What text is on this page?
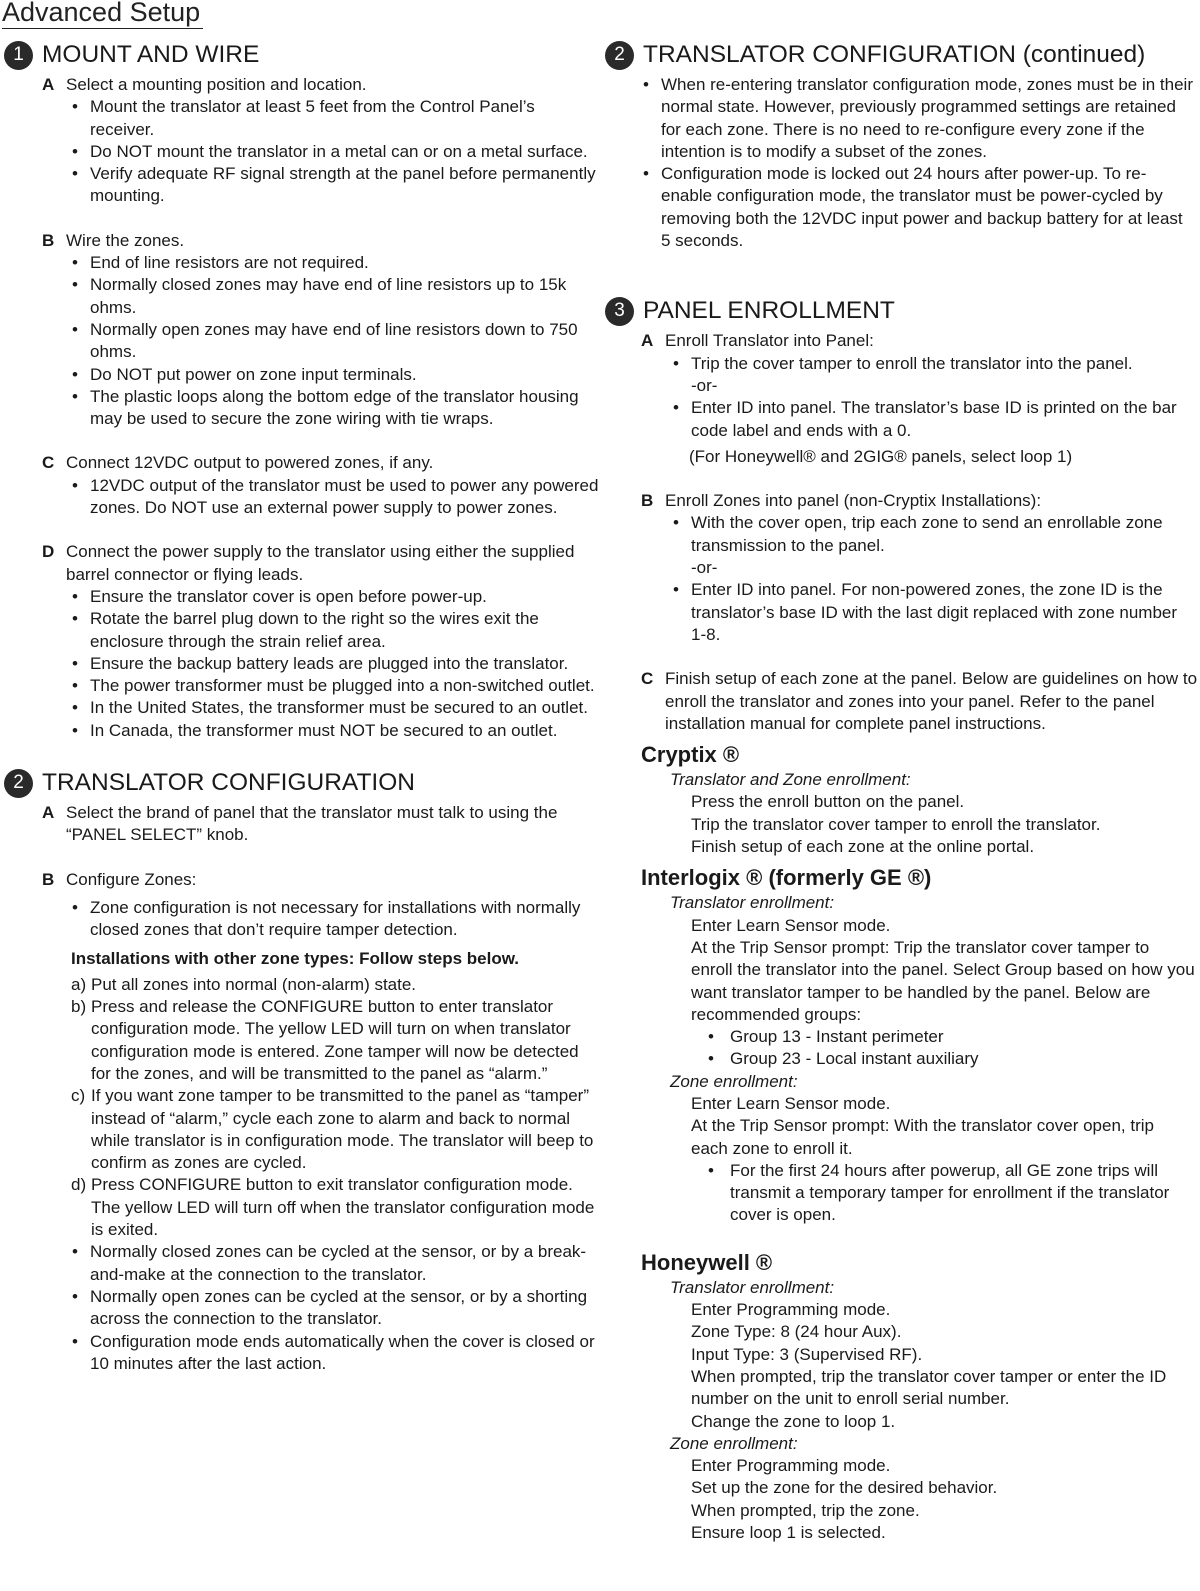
Advanced Setup
1 MOUNT AND WIRE
A Select a mounting position and location.
• Mount the translator at least 5 feet from the Control Panel’s receiver.
• Do NOT mount the translator in a metal can or on a metal surface.
• Verify adequate RF signal strength at the panel before permanently mounting.
B Wire the zones.
• End of line resistors are not required.
• Normally closed zones may have end of line resistors up to 15k ohms.
• Normally open zones may have end of line resistors down to 750 ohms.
• Do NOT put power on zone input terminals.
• The plastic loops along the bottom edge of the translator housing may be used to secure the zone wiring with tie wraps.
C Connect 12VDC output to powered zones, if any.
• 12VDC output of the translator must be used to power any powered zones. Do NOT use an external power supply to power zones.
D Connect the power supply to the translator using either the supplied barrel connector or flying leads.
• Ensure the translator cover is open before power-up.
• Rotate the barrel plug down to the right so the wires exit the enclosure through the strain relief area.
• Ensure the backup battery leads are plugged into the translator.
• The power transformer must be plugged into a non-switched outlet.
• In the United States, the transformer must be secured to an outlet.
• In Canada, the transformer must NOT be secured to an outlet.
2 TRANSLATOR CONFIGURATION
A Select the brand of panel that the translator must talk to using the “PANEL SELECT” knob.
B Configure Zones:
• Zone configuration is not necessary for installations with normally closed zones that don’t require tamper detection.
Installations with other zone types: Follow steps below.
a) Put all zones into normal (non-alarm) state.
b) Press and release the CONFIGURE button to enter translator configuration mode. The yellow LED will turn on when translator configuration mode is entered. Zone tamper will now be detected for the zones, and will be transmitted to the panel as “alarm.”
c) If you want zone tamper to be transmitted to the panel as “tamper” instead of “alarm,” cycle each zone to alarm and back to normal while translator is in configuration mode. The translator will beep to confirm as zones are cycled.
d) Press CONFIGURE button to exit translator configuration mode. The yellow LED will turn off when the translator configuration mode is exited.
• Normally closed zones can be cycled at the sensor, or by a break-and-make at the connection to the translator.
• Normally open zones can be cycled at the sensor, or by a shorting across the connection to the translator.
• Configuration mode ends automatically when the cover is closed or 10 minutes after the last action.
2 TRANSLATOR CONFIGURATION (continued)
• When re-entering translator configuration mode, zones must be in their normal state. However, previously programmed settings are retained for each zone. There is no need to re-configure every zone if the intention is to modify a subset of the zones.
• Configuration mode is locked out 24 hours after power-up. To re-enable configuration mode, the translator must be power-cycled by removing both the 12VDC input power and backup battery for at least 5 seconds.
3 PANEL ENROLLMENT
A Enroll Translator into Panel:
• Trip the cover tamper to enroll the translator into the panel.
-or-
• Enter ID into panel. The translator’s base ID is printed on the bar code label and ends with a 0.
(For Honeywell® and 2GIG® panels, select loop 1)
B Enroll Zones into panel (non-Cryptix Installations):
• With the cover open, trip each zone to send an enrollable zone transmission to the panel.
-or-
• Enter ID into panel. For non-powered zones, the zone ID is the translator’s base ID with the last digit replaced with zone number 1-8.
C Finish setup of each zone at the panel. Below are guidelines on how to enroll the translator and zones into your panel. Refer to the panel installation manual for complete panel instructions.
Cryptix ®
Translator and Zone enrollment:
Press the enroll button on the panel.
Trip the translator cover tamper to enroll the translator.
Finish setup of each zone at the online portal.
Interlogix ® (formerly GE ®)
Translator enrollment:
Enter Learn Sensor mode.
At the Trip Sensor prompt: Trip the translator cover tamper to enroll the translator into the panel. Select Group based on how you want translator tamper to be handled by the panel. Below are recommended groups:
• Group 13 - Instant perimeter
• Group 23 - Local instant auxiliary
Zone enrollment:
Enter Learn Sensor mode.
At the Trip Sensor prompt: With the translator cover open, trip each zone to enroll it.
• For the first 24 hours after powerup, all GE zone trips will transmit a temporary tamper for enrollment if the translator cover is open.
Honeywell ®
Translator enrollment:
Enter Programming mode.
Zone Type: 8 (24 hour Aux).
Input Type: 3 (Supervised RF).
When prompted, trip the translator cover tamper or enter the ID number on the unit to enroll serial number.
Change the zone to loop 1.
Zone enrollment:
Enter Programming mode.
Set up the zone for the desired behavior.
When prompted, trip the zone.
Ensure loop 1 is selected.
